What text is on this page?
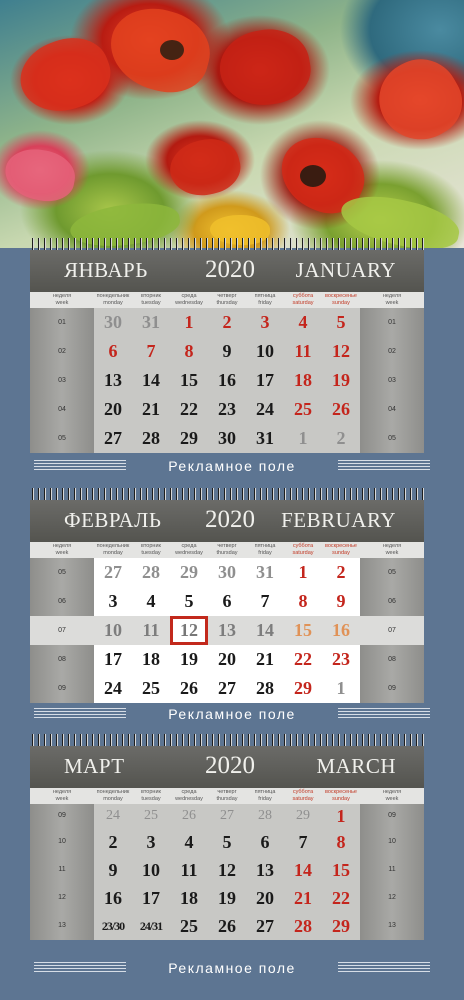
ЯНВАРЬ 2020 JANUARY
неделя
week
понедельник
monday
вторник
tuesday
среда
wednesday
четверг
thursday
пятница
friday
суббота
saturday
воскресенье
sunday
неделя
week
01	30	31	1	2	3	4	5	01
02	6	7	8	9	10	11	12	02
03	13	14	15	16	17	18	19	03
04	20	21	22	23	24	25	26	04
05	27	28	29	30	31	1	2	05
Рекламное поле
ФЕВРАЛЬ 2020 FEBRUARY
неделя
week
понедельник
monday
вторник
tuesday
среда
wednesday
четверг
thursday
пятница
friday
суббота
saturday
воскресенье
sunday
неделя
week
05	27	28	29	30	31	1	2	05
06	3	4	5	6	7	8	9	06
07	10	11	12	13	14	15	16	07
08	17	18	19	20	21	22	23	08
09	24	25	26	27	28	29	1	09
Рекламное поле
МАРТ	2020	MARCH
неделя
week
понедельник
monday
вторник
tuesday
среда
wednesday
четверг
thursday
пятница
friday
суббота
saturday
воскресенье
sunday
неделя
week
09	24	25	26	27	28	29	1	09
10	2	3	4	5	6	7	8	10
11	9	10	11	12	13	14	15	11
12	16	17	18	19	20	21	22	12
13	23/30	24/31 25	26	27	28	29	13
Рекламное поле
